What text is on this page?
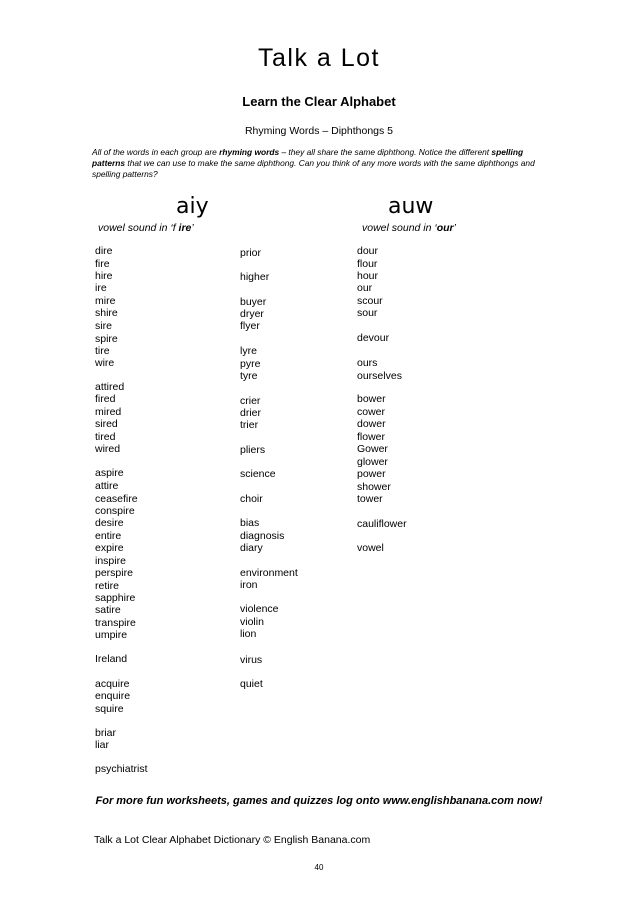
Talk a Lot
Learn the Clear Alphabet
Rhyming Words – Diphthongs 5
All of the words in each group are rhyming words – they all share the same diphthong. Notice the different spelling patterns that we can use to make the same diphthong. Can you think of any more words with the same diphthongs and spelling patterns?
aiy	auw
vowel sound in ‘f ire’	vowel sound in ‘our’
dire
fire
hire
ire
mire
shire
sire
spire
tire
wire
attired
fired
mired
sired
tired
wired
aspire
attire
ceasefire
conspire
desire
entire
expire
inspire
perspire
retire
sapphire
satire
transpire
umpire
Ireland
acquire
enquire
squire
briar
liar
psychiatrist
prior
higher
buyer
dryer
flyer
lyre
pyre
tyre
crier
drier
trier
pliers
science
choir
bias
diagnosis
diary
environment
iron
violence
violin
lion
virus
quiet
dour
flour
hour
our
scour
sour
devour
ours
ourselves
bower
cower
dower
flower
Gower
glower
power
shower
tower
cauliflower
vowel
For more fun worksheets, games and quizzes log onto www.englishbanana.com now!
Talk a Lot Clear Alphabet Dictionary © English Banana.com
40
